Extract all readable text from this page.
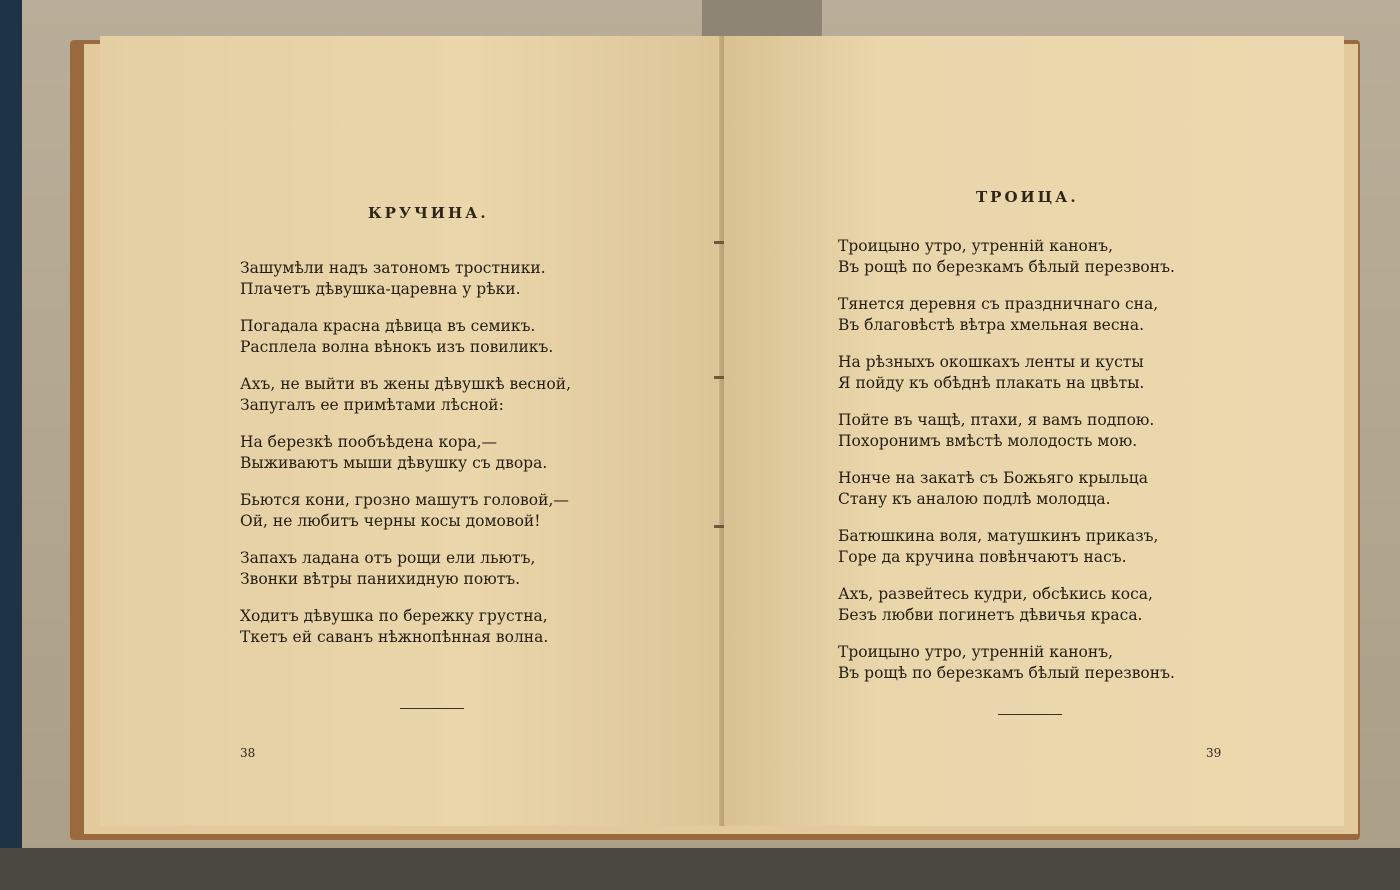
КРУЧИНА.
Зашумѣли надъ затономъ тростники.
Плачетъ дѣвушка-царевна у рѣки.
Погадала красна дѣвица въ семикъ.
Расплела волна вѣнокъ изъ повиликъ.
Ахъ, не выйти въ жены дѣвушкѣ весной,
Запугалъ ее примѣтами лѣсной:
На березкѣ пообъѣдена кора,—
Выживаютъ мыши дѣвушку съ двора.
Бьются кони, грозно машутъ головой,—
Ой, не любитъ черны косы домовой!
Запахъ ладана отъ рощи ели льютъ,
Звонки вѣтры панихидную поютъ.
Ходитъ дѣвушка по бережку грустна,
Ткетъ ей саванъ нѣжнопѣнная волна.
38
ТРОИЦА.
Троицыно утро, утренній канонъ,
Въ рощѣ по березкамъ бѣлый перезвонъ.
Тянется деревня съ праздничнаго сна,
Въ благовѣстѣ вѣтра хмельная весна.
На рѣзныхъ окошкахъ ленты и кусты
Я пойду къ обѣднѣ плакать на цвѣты.
Пойте въ чащѣ, птахи, я вамъ подпою.
Похоронимъ вмѣстѣ молодость мою.
Нонче на закатѣ съ Божьяго крыльца
Стану къ аналою подлѣ молодца.
Батюшкина воля, матушкинъ приказъ,
Горе да кручина повѣнчаютъ насъ.
Ахъ, развейтесь кудри, обсѣкись коса,
Безъ любви погинетъ дѣвичья краса.
Троицыно утро, утренній канонъ,
Въ рощѣ по березкамъ бѣлый перезвонъ.
39
